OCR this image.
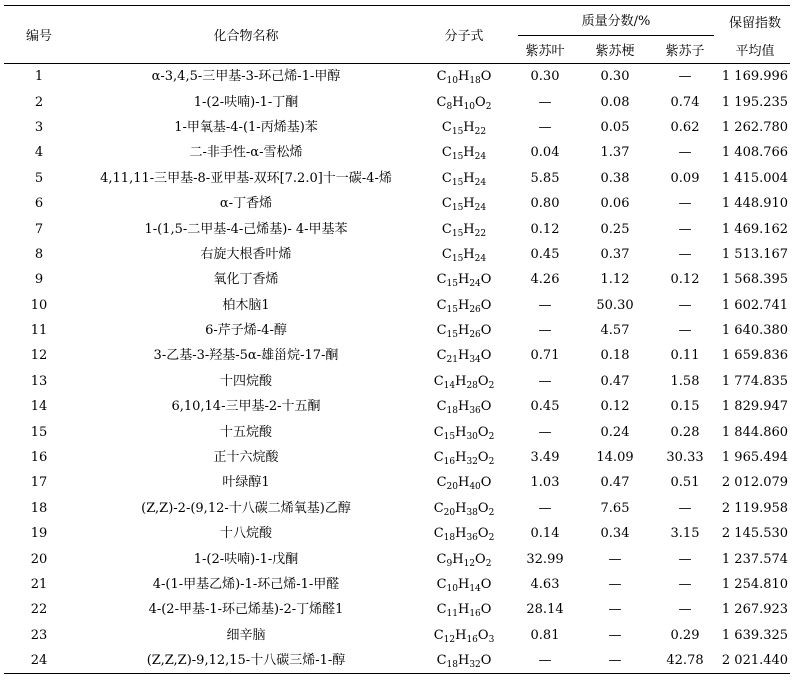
编号	化合物名称	分子式	质量分数/%			保留指数
			紫苏叶	紫苏梗	紫苏子	平均值
1	α-3,4,5-三甲基-3-环己烯-1-甲醇	$C_{10}H_{18}O$	0.30	0.30	—	1 169.996
2	1-(2-呋喃)-1-丁酮	$C_8H_{10}O_2$	—	0.08	0.74	1 195.235
3	1-甲氧基-4-(1-丙烯基)苯	$C_{15}H_{22}$	—	0.05	0.62	1 262.780
4	二-非手性-α-雪松烯	$C_{15}H_{24}$	0.04	1.37	—	1 408.766
5	4,11,11-三甲基-8-亚甲基-双环[7.2.0]十一碳-4-烯	$C_{15}H_{24}$	5.85	0.38	0.09	1 415.004
6	α-丁香烯	$C_{15}H_{24}$	0.80	0.06	—	1 448.910
7	1-(1,5-二甲基-4-己烯基)- 4-甲基苯	$C_{15}H_{22}$	0.12	0.25	—	1 469.162
8	右旋大根香叶烯	$C_{15}H_{24}$	0.45	0.37	—	1 513.167
9	氧化丁香烯	$C_{15}H_{24}O$	4.26	1.12	0.12	1 568.395
10	柏木脑1	$C_{15}H_{26}O$	—	50.30	—	1 602.741
11	6-芹子烯-4-醇	$C_{15}H_{26}O$	—	4.57	—	1 640.380
12	3-乙基-3-羟基-5α-雄甾烷-17-酮	$C_{21}H_{34}O$	0.71	0.18	0.11	1 659.836
13	十四烷酸	$C_{14}H_{28}O_2$	—	0.47	1.58	1 774.835
14	6,10,14-三甲基-2-十五酮	$C_{18}H_{36}O$	0.45	0.12	0.15	1 829.947
15	十五烷酸	$C_{15}H_{30}O_2$	—	0.24	0.28	1 844.860
16	正十六烷酸	$C_{16}H_{32}O_2$	3.49	14.09	30.33	1 965.494
17	叶绿醇1	$C_{20}H_{40}O$	1.03	0.47	0.51	2 012.079
18	(Z,Z)-2-(9,12-十八碳二烯氧基)乙醇	$C_{20}H_{38}O_2$	—	7.65	—	2 119.958
19	十八烷酸	$C_{18}H_{36}O_2$	0.14	0.34	3.15	2 145.530
20	1-(2-呋喃)-1-戊酮	$C_9H_{12}O_2$	32.99	—	—	1 237.574
21	4-(1-甲基乙烯)-1-环己烯-1-甲醛	$C_{10}H_{14}O$	4.63	—	—	1 254.810
22	4-(2-甲基-1-环己烯基)-2-丁烯醛1	$C_{11}H_{16}O$	28.14	—	—	1 267.923
23	细辛脑	$C_{12}H_{16}O_3$	0.81	—	0.29	1 639.325
24	(Z,Z,Z)-9,12,15-十八碳三烯-1-醇	$C_{18}H_{32}O$	—	—	42.78	2 021.440
